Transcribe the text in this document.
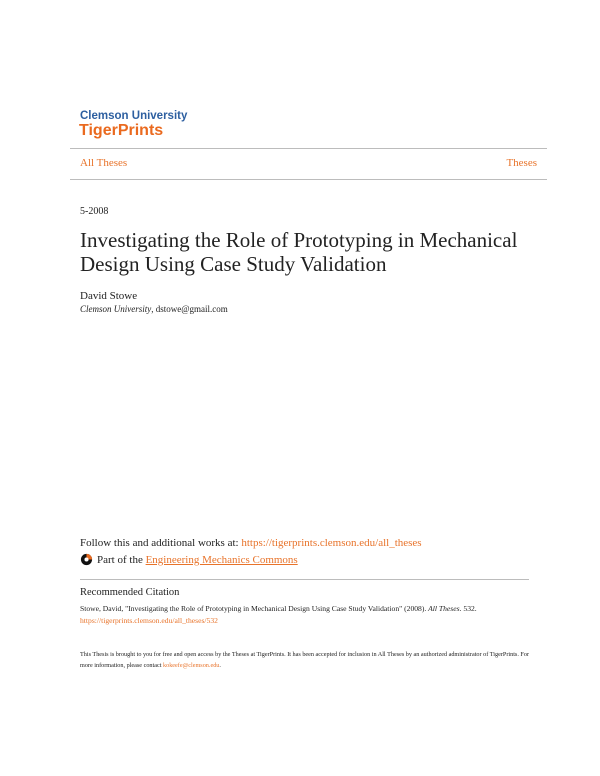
Clemson University
TigerPrints
All Theses	Theses
5-2008
Investigating the Role of Prototyping in Mechanical Design Using Case Study Validation
David Stowe
Clemson University, dstowe@gmail.com
Follow this and additional works at: https://tigerprints.clemson.edu/all_theses
Part of the
Engineering Mechanics Commons
Recommended Citation
Stowe, David, "Investigating the Role of Prototyping in Mechanical Design Using Case Study Validation" (2008). All Theses. 532.
https://tigerprints.clemson.edu/all_theses/532
This Thesis is brought to you for free and open access by the Theses at TigerPrints. It has been accepted for inclusion in All Theses by an authorized administrator of TigerPrints. For more information, please contact kokeefe@clemson.edu.
